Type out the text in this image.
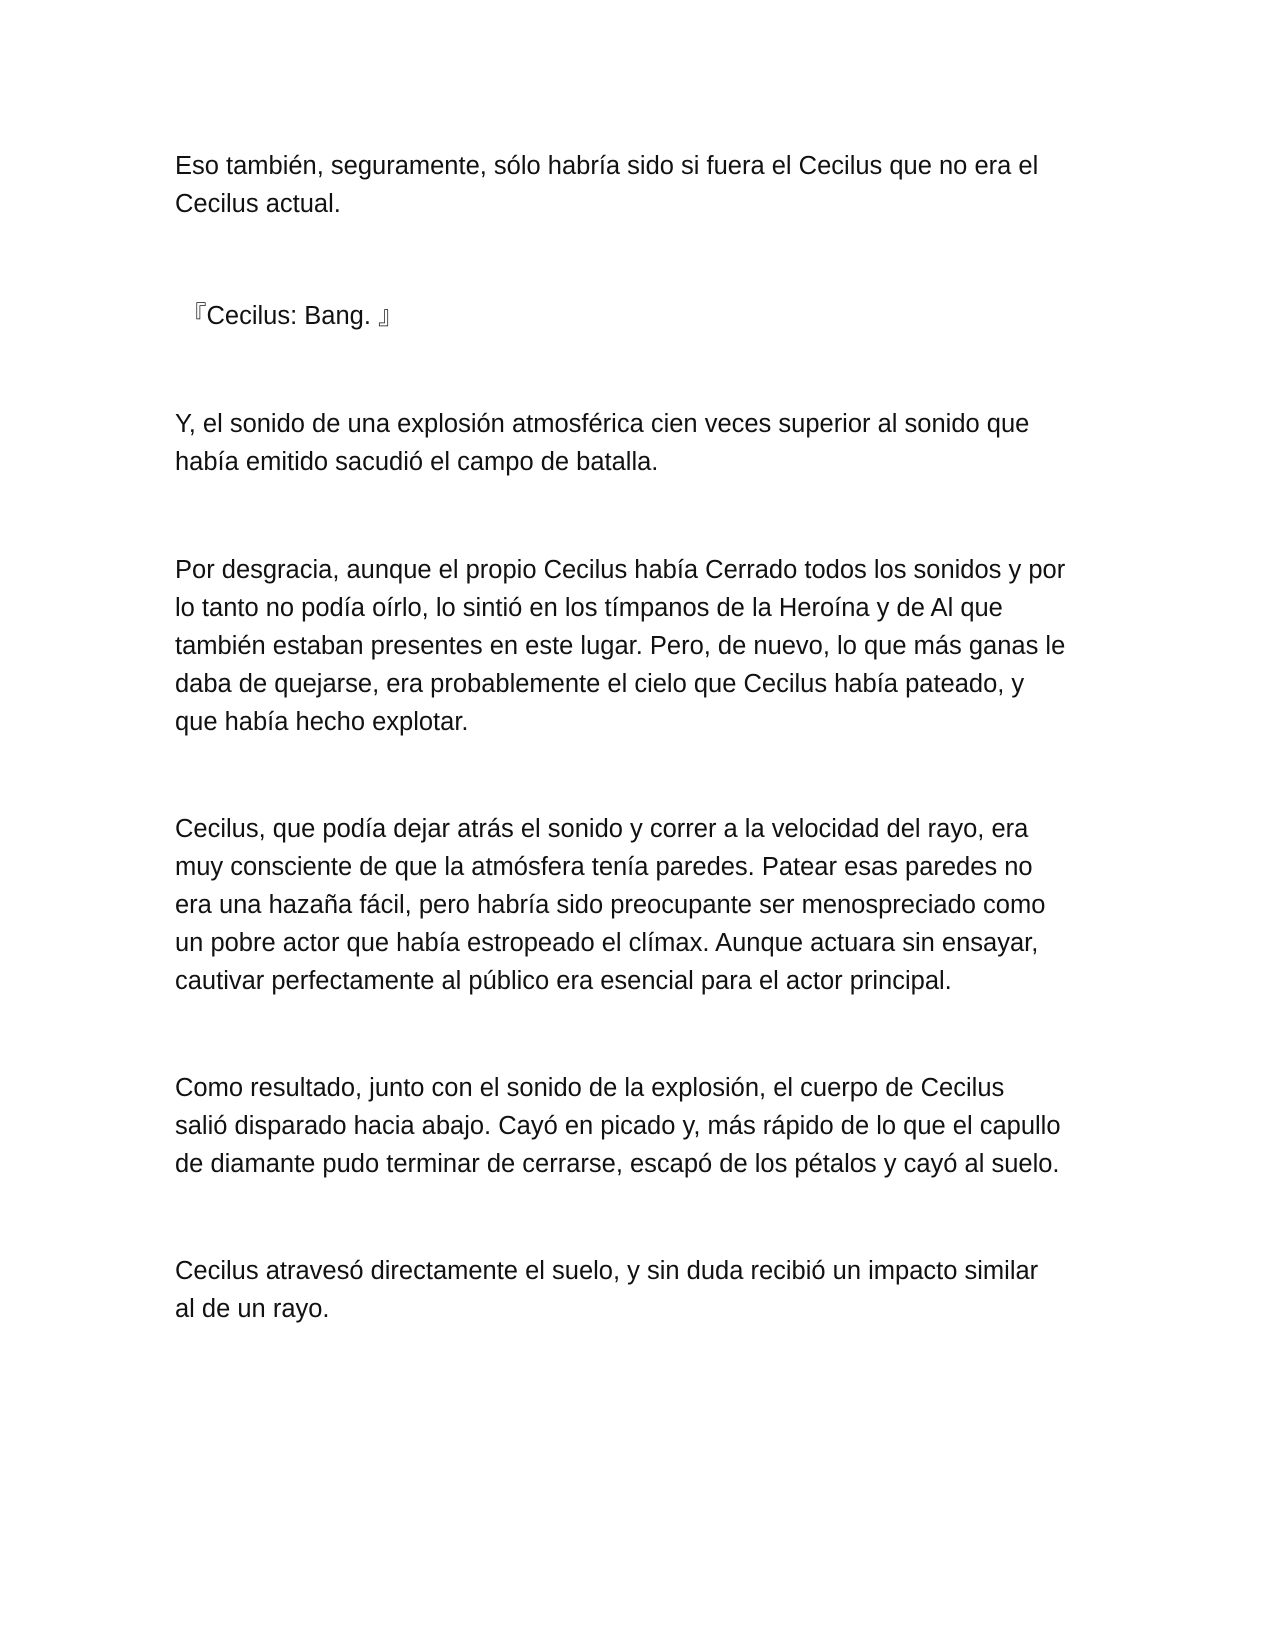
Eso también, seguramente, sólo habría sido si fuera el Cecilus que no era el
Cecilus actual.

『Cecilus: Bang. 』

Y, el sonido de una explosión atmosférica cien veces superior al sonido que
había emitido sacudió el campo de batalla.

Por desgracia, aunque el propio Cecilus había Cerrado todos los sonidos y por
lo tanto no podía oírlo, lo sintió en los tímpanos de la Heroína y de Al que
también estaban presentes en este lugar. Pero, de nuevo, lo que más ganas le
daba de quejarse, era probablemente el cielo que Cecilus había pateado, y
que había hecho explotar.

Cecilus, que podía dejar atrás el sonido y correr a la velocidad del rayo, era
muy consciente de que la atmósfera tenía paredes. Patear esas paredes no
era una hazaña fácil, pero habría sido preocupante ser menospreciado como
un pobre actor que había estropeado el clímax. Aunque actuara sin ensayar,
cautivar perfectamente al público era esencial para el actor principal.

Como resultado, junto con el sonido de la explosión, el cuerpo de Cecilus
salió disparado hacia abajo. Cayó en picado y, más rápido de lo que el capullo
de diamante pudo terminar de cerrarse, escapó de los pétalos y cayó al suelo.

Cecilus atravesó directamente el suelo, y sin duda recibió un impacto similar
al de un rayo.
